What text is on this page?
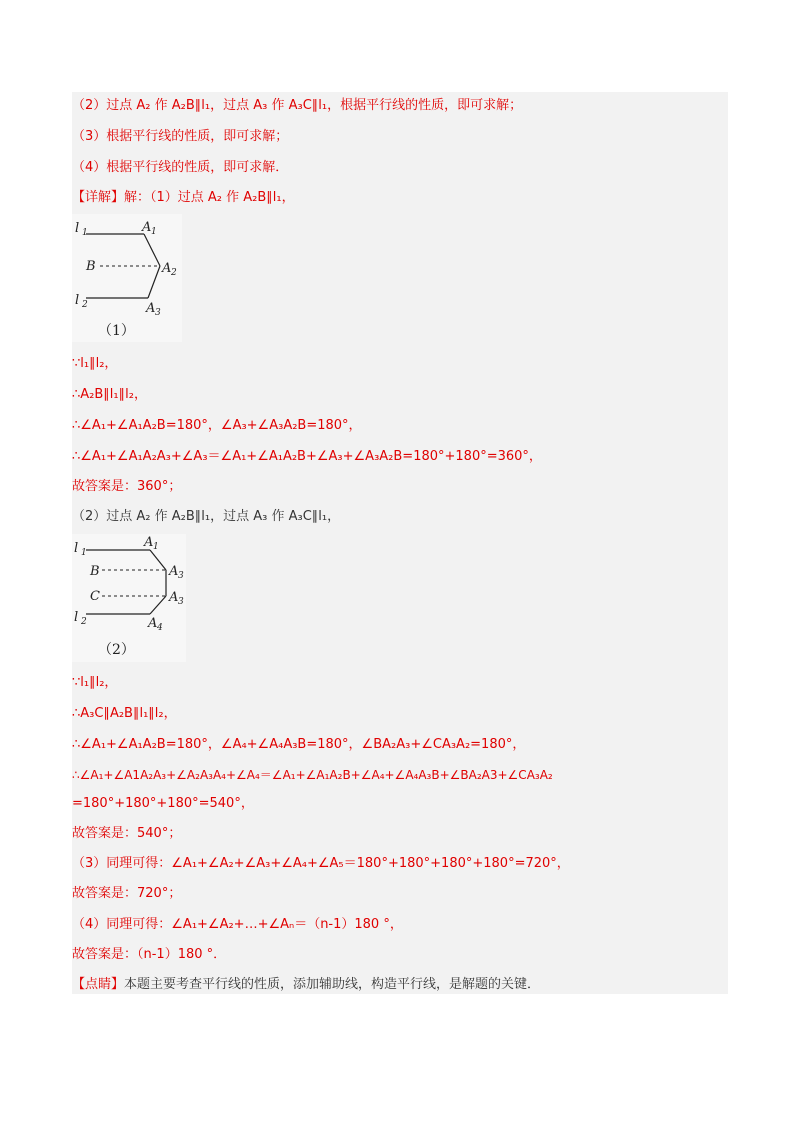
（2）过点 A₂ 作 A₂B∥l₁，过点 A₃ 作 A₃C∥l₁，根据平行线的性质，即可求解；
（3）根据平行线的性质，即可求解；
（4）根据平行线的性质，即可求解．
【详解】解：（1）过点 A₂ 作 A₂B∥l₁，
l 1	A 1
B	A 2
l 2	A 3
（1）
∵l₁∥l₂，
∴A₂B∥l₁∥l₂，
∴∠A₁+∠A₁A₂B=180°，∠A₃+∠A₃A₂B=180°，
∴∠A₁+∠A₁A₂A₃+∠A₃＝∠A₁+∠A₁A₂B+∠A₃+∠A₃A₂B=180°+180°=360°，
故答案是：360°；
（2）过点 A₂ 作 A₂B∥l₁，过点 A₃ 作 A₃C∥l₁，
l 1
A 1
B	A 3
C	A 3
l 2	A 4
（2）
∵l₁∥l₂，
∴A₃C∥A₂B∥l₁∥l₂，
∴∠A₁+∠A₁A₂B=180°，∠A₄+∠A₄A₃B=180°，∠BA₂A₃+∠CA₃A₂=180°，
∴∠A₁+∠A1A₂A₃+∠A₂A₃A₄+∠A₄＝∠A₁+∠A₁A₂B+∠A₄+∠A₄A₃B+∠BA₂A3+∠CA₃A₂
=180°+180°+180°=540°，
故答案是：540°；
（3）同理可得：∠A₁+∠A₂+∠A₃+∠A₄+∠A₅＝180°+180°+180°+180°=720°，
故答案是：720°；
（4）同理可得：∠A₁+∠A₂+…+∠Aₙ＝（n-1）180 °，
故答案是：（n-1）180 °．
【点睛】本题主要考查平行线的性质，添加辅助线，构造平行线，是解题的关键．
